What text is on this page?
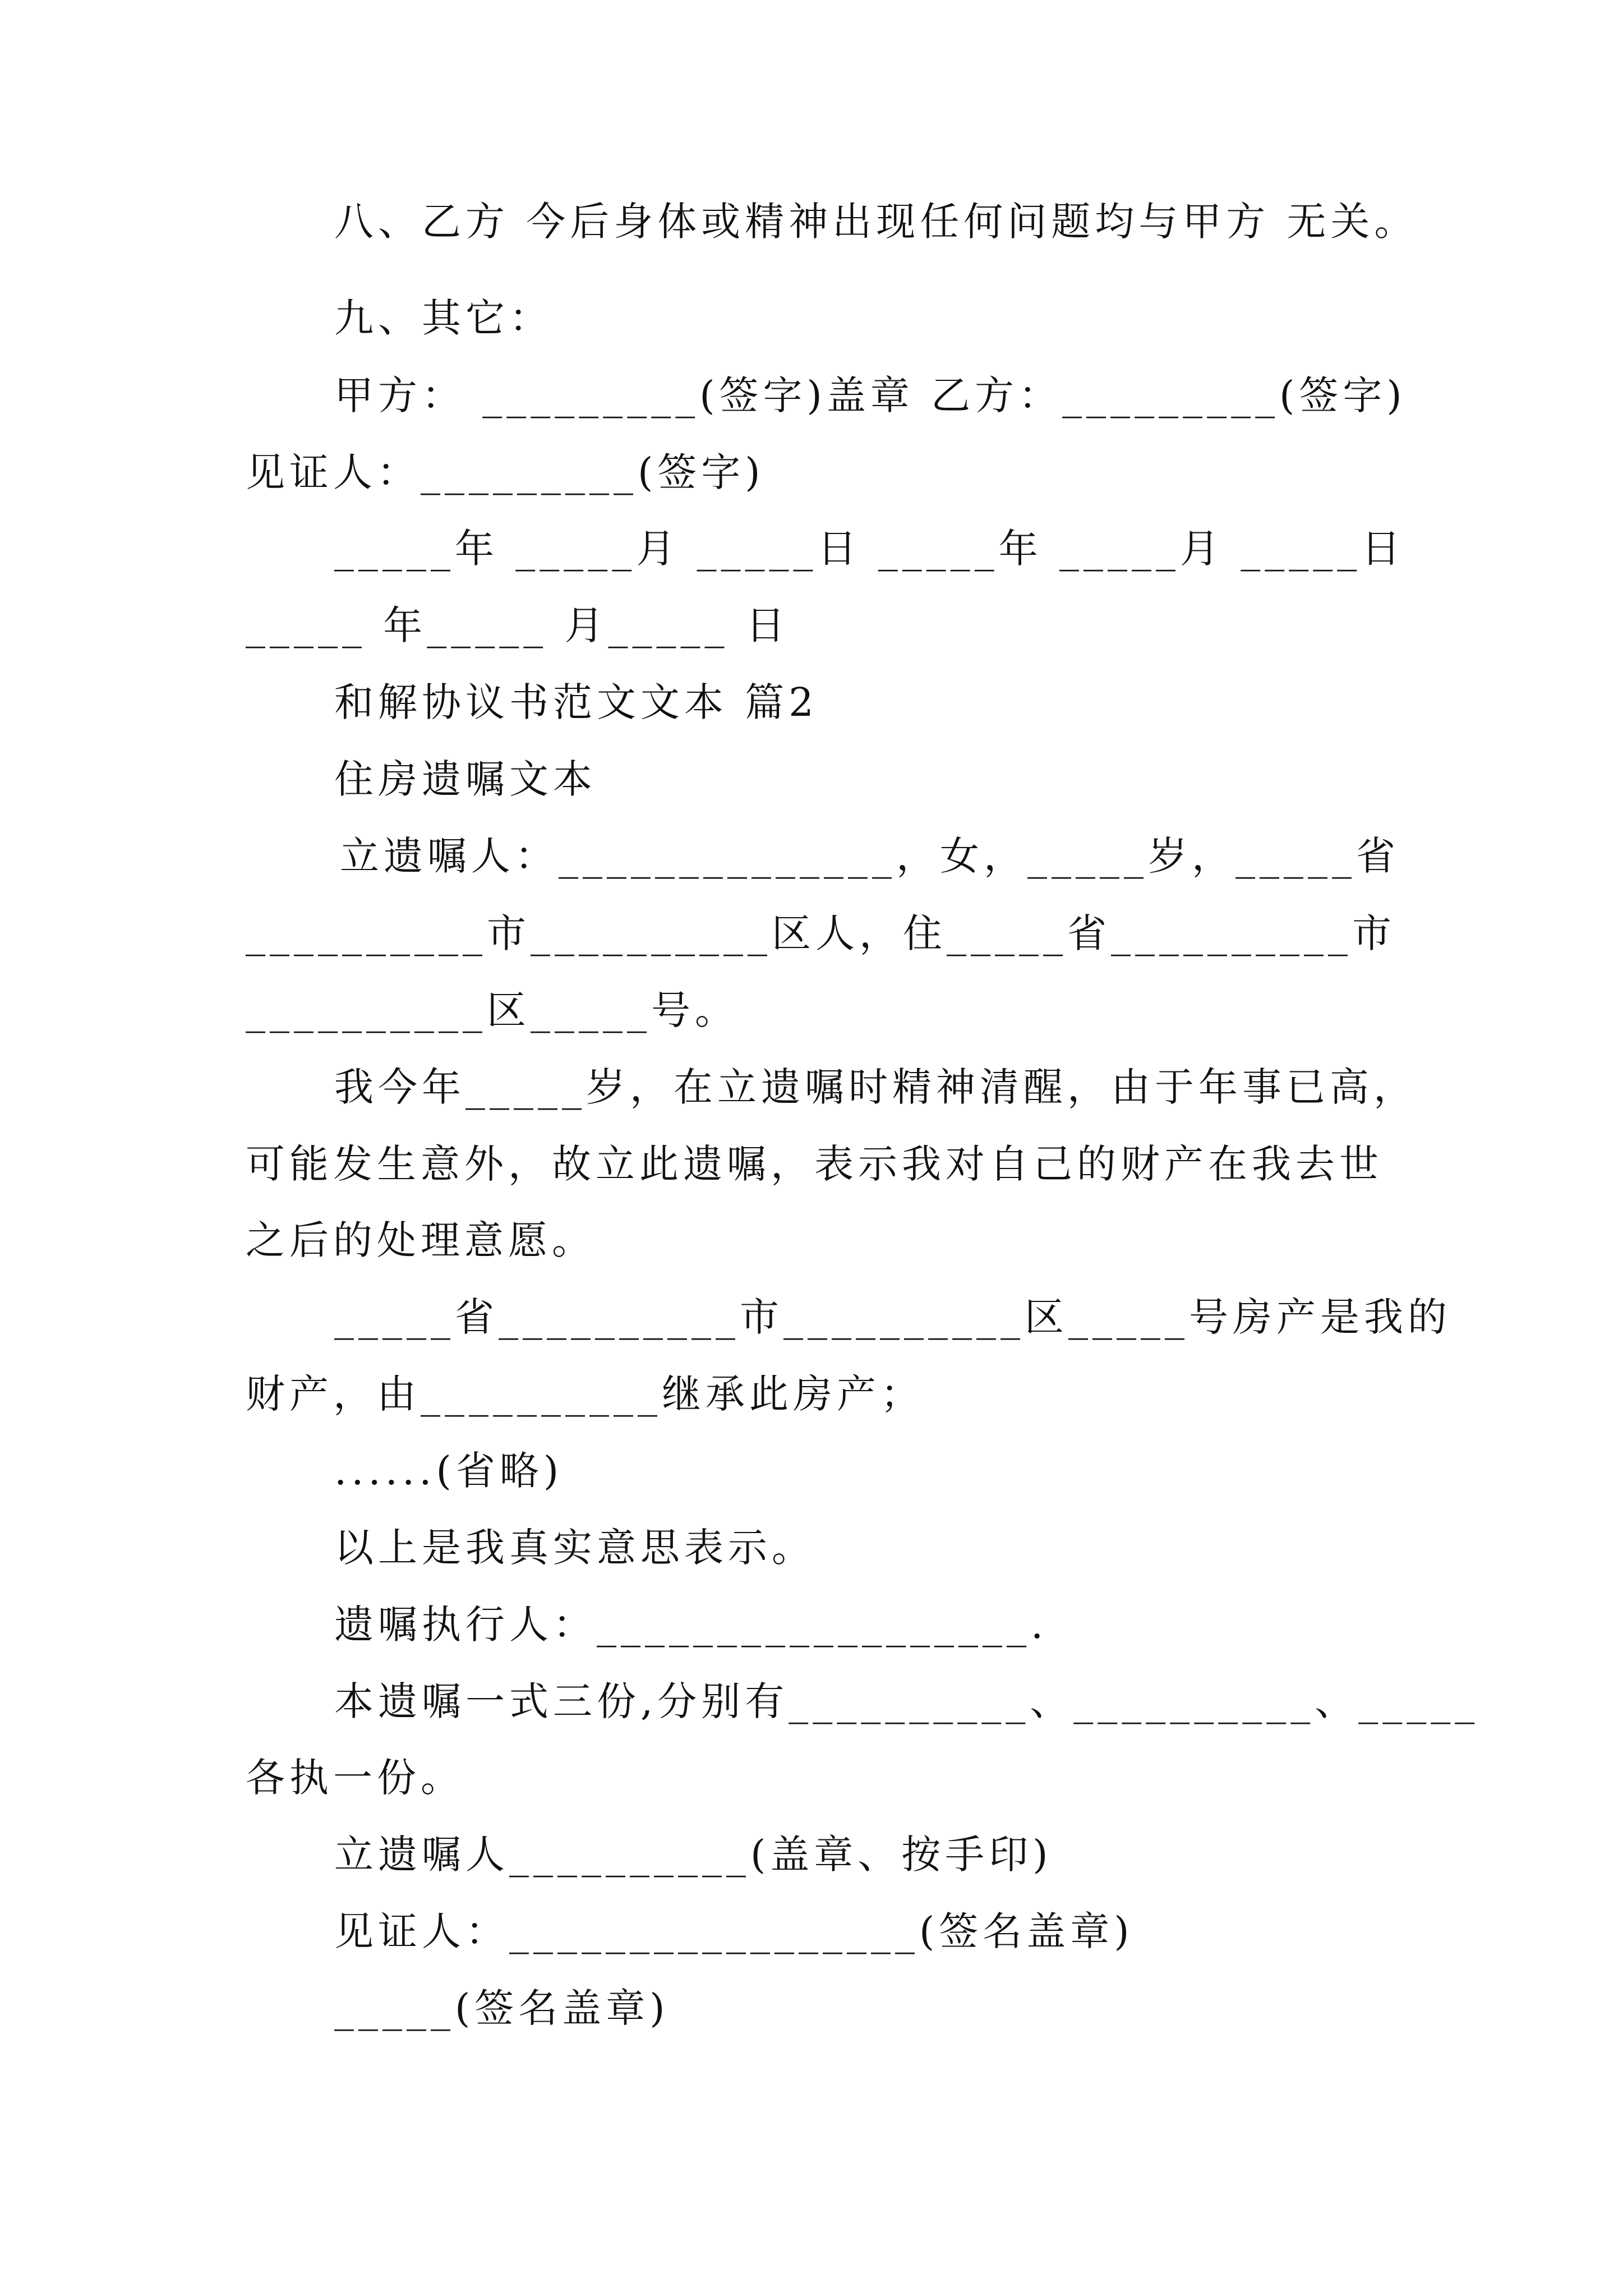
八、乙方 今后身体或精神出现任何问题均与甲方 无关。
九、其它：
甲方： _________(签字)盖章 乙方：_________(签字)
见证人：_________(签字)
_____年 _____月 _____日 _____年 _____月 _____日
_____ 年_____ 月_____ 日
和解协议书范文文本 篇2
住房遗嘱文本
立遗嘱人：______________，女，_____岁，_____省
__________市__________区人，住_____省__________市
__________区_____号。
我今年_____岁，在立遗嘱时精神清醒，由于年事已高，
可能发生意外，故立此遗嘱，表示我对自己的财产在我去世
之后的处理意愿。
_____省__________市__________区_____号房产是我的
财产，由__________继承此房产；
......(省略)
以上是我真实意思表示。
遗嘱执行人：__________________.
本遗嘱一式三份,分别有__________、__________、_____
各执一份。
立遗嘱人__________(盖章、按手印)
见证人：_________________(签名盖章)
_____(签名盖章)
